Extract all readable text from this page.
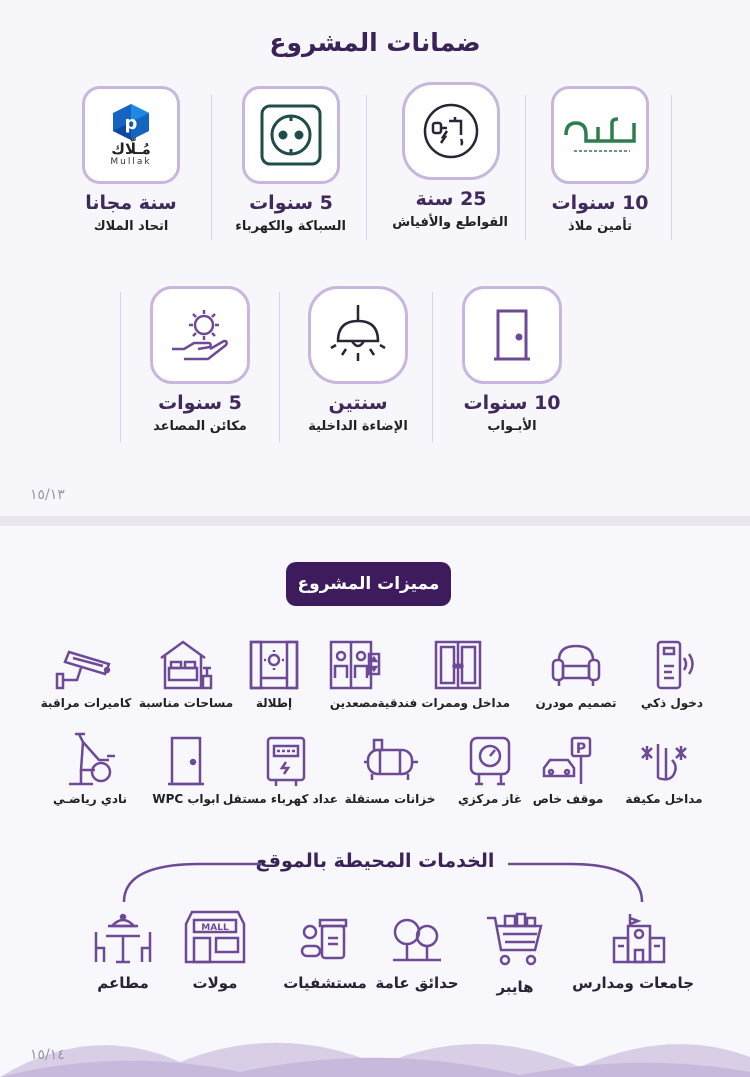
ضمانات المشروع
10 سنوات
تأمين ملاذ
25 سنة
القواطع والأفياش
5 سنوات
السباكة والكهرباء
p
مُـلّاك
Mullak
سنة مجانا
اتحاد الملاك
10 سنوات
الأبـواب
سنتين
الإضاءة الداخلية
5 سنوات
مكائن المصاعد
١٥/١٣
مميزات المشروع
دخول ذكي
تصميم مودرن
مداخل وممرات فندقية
مصعدين
إطلالة
مساحات مناسبة
كاميرات مراقبة
مداخل مكيفة
P
موقف خاص
غاز مركزي
خزانات مستقلة
عداد كهرباء مستقل
ابواب WPC
نادي رياضـي
الخدمات المحيطة بالموقع
جامعات ومدارس
هايبر
حدائق عامة
مستشفيات
MALL
مولات
مطاعم
١٥/١٤
